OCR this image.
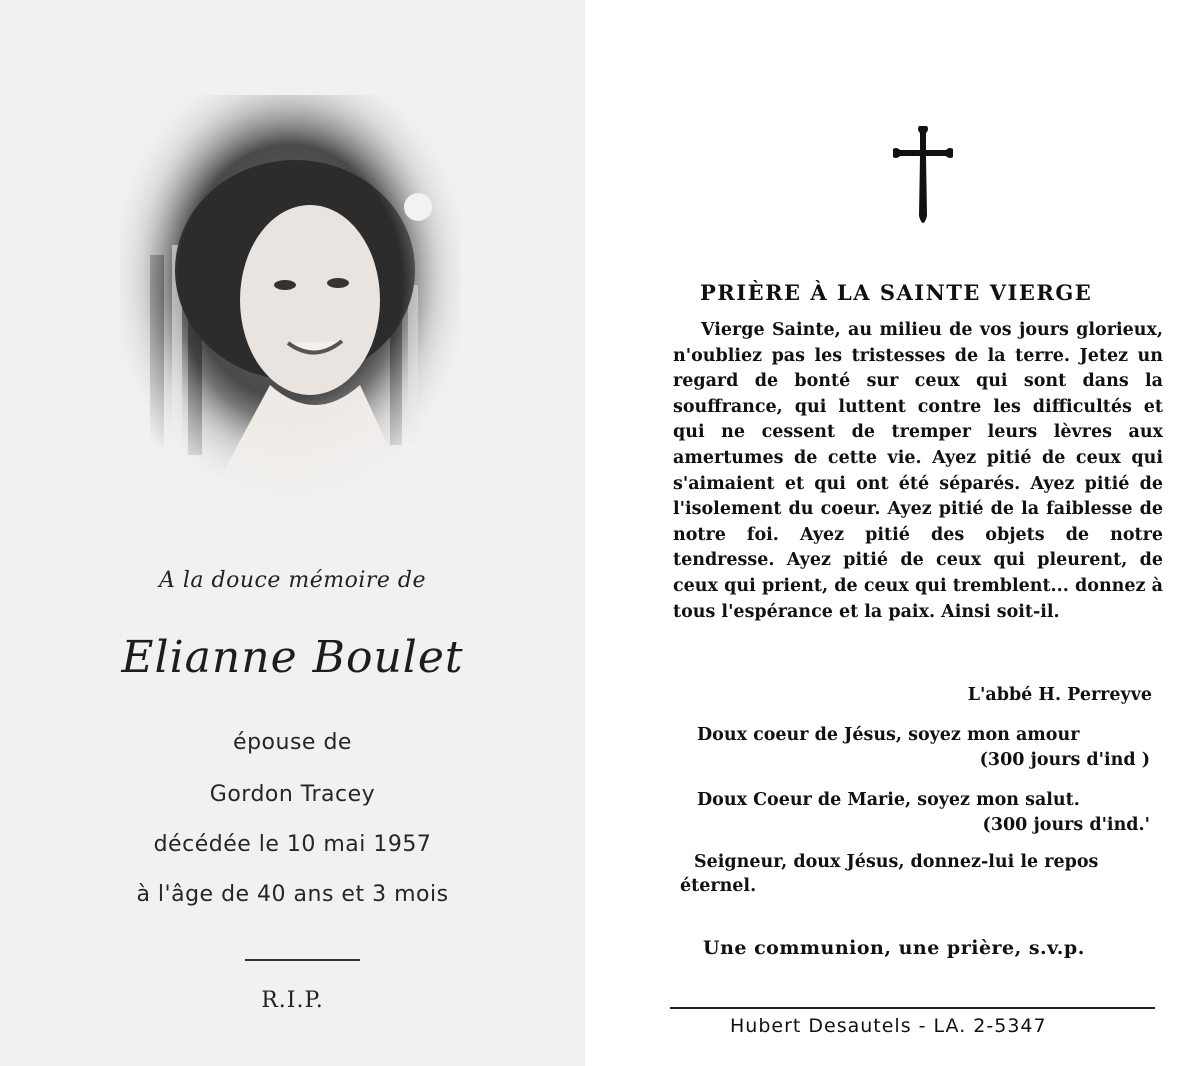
A la douce mémoire de
Elianne Boulet
épouse de
Gordon Tracey
décédée le 10 mai 1957
à l'âge de 40 ans et 3 mois
R.I.P.
PRIÈRE À LA SAINTE VIERGE
Vierge Sainte, au milieu de vos jours glorieux, n'oubliez pas les tristesses de la terre. Jetez un regard de bonté sur ceux qui sont dans la souffrance, qui luttent contre les difficultés et qui ne cessent de tremper leurs lèvres aux amertumes de cette vie. Ayez pitié de ceux qui s'aimaient et qui ont été séparés. Ayez pitié de l'isolement du coeur. Ayez pitié de la faiblesse de notre foi. Ayez pitié des objets de notre tendresse. Ayez pitié de ceux qui pleurent, de ceux qui prient, de ceux qui tremblent... donnez à tous l'espérance et la paix. Ainsi soit-il.
L'abbé H. Perreyve
Doux coeur de Jésus, soyez mon amour
(300 jours d'ind )
Doux Coeur de Marie, soyez mon salut.
(300 jours d'ind.'
Seigneur, doux Jésus, donnez-lui le repos éternel.
Une communion, une prière, s.v.p.
Hubert Desautels - LA. 2-5347
